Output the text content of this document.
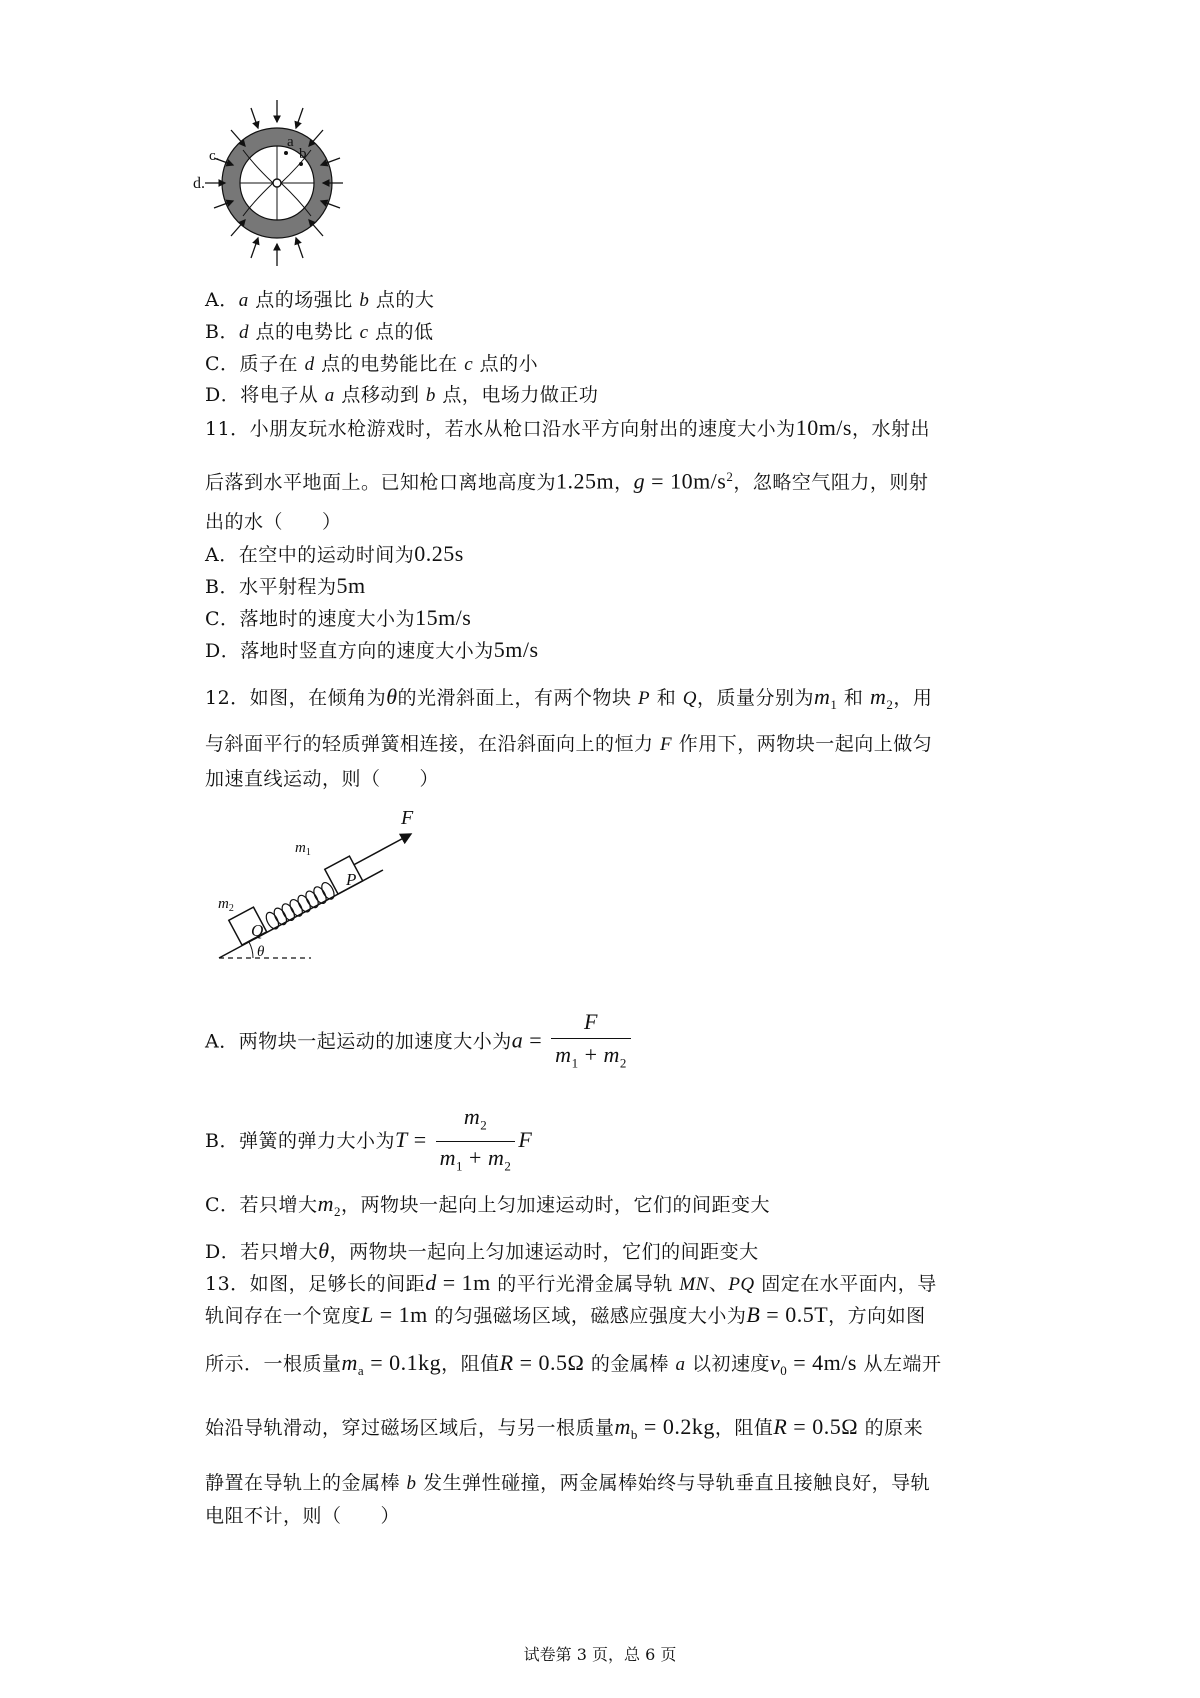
a
b
c.
d.
A．a 点的场强比 b 点的大
B．d 点的电势比 c 点的低
C．质子在 d 点的电势能比在 c 点的小
D．将电子从 a 点移动到 b 点，电场力做正功
11．小朋友玩水枪游戏时，若水从枪口沿水平方向射出的速度大小为10m/s，水射出
后落到水平地面上。已知枪口离地高度为1.25m，$g = 10m/s^2$，忽略空气阻力，则射
出的水（　　）
A．在空中的运动时间为0.25s
B．水平射程为5m
C．落地时的速度大小为15m/s
D．落地时竖直方向的速度大小为5m/s
12．如图，在倾角为θ的光滑斜面上，有两个物块 P 和 Q，质量分别为$m_1$ 和 $m_2$，用
与斜面平行的轻质弹簧相连接，在沿斜面向上的恒力 F 作用下，两物块一起向上做匀
加速直线运动，则（　　）
Q
P
F
$m_1$
$m_2$
θ
A．两物块一起运动的加速度大小为$a = \frac{F}{m_1 + m_2}$
B．弹簧的弹力大小为$T = \frac{m_2}{m_1 + m_2}$ F
C．若只增大$m_2$，两物块一起向上匀加速运动时，它们的间距变大
D．若只增大θ，两物块一起向上匀加速运动时，它们的间距变大
13．如图，足够长的间距d = 1m 的平行光滑金属导轨 MN、PQ 固定在水平面内，导
轨间存在一个宽度L = 1m 的匀强磁场区域，磁感应强度大小为B = 0.5T，方向如图
所示．一根质量$m_a = 0.1kg$，阻值R = 0.5Ω 的金属棒 a 以初速度$v_0 = 4m/s$ 从左端开
始沿导轨滑动，穿过磁场区域后，与另一根质量$m_b = 0.2kg$，阻值R = 0.5Ω 的原来
静置在导轨上的金属棒 b 发生弹性碰撞，两金属棒始终与导轨垂直且接触良好，导轨
电阻不计，则（　　）
试卷第 3 页，总 6 页
